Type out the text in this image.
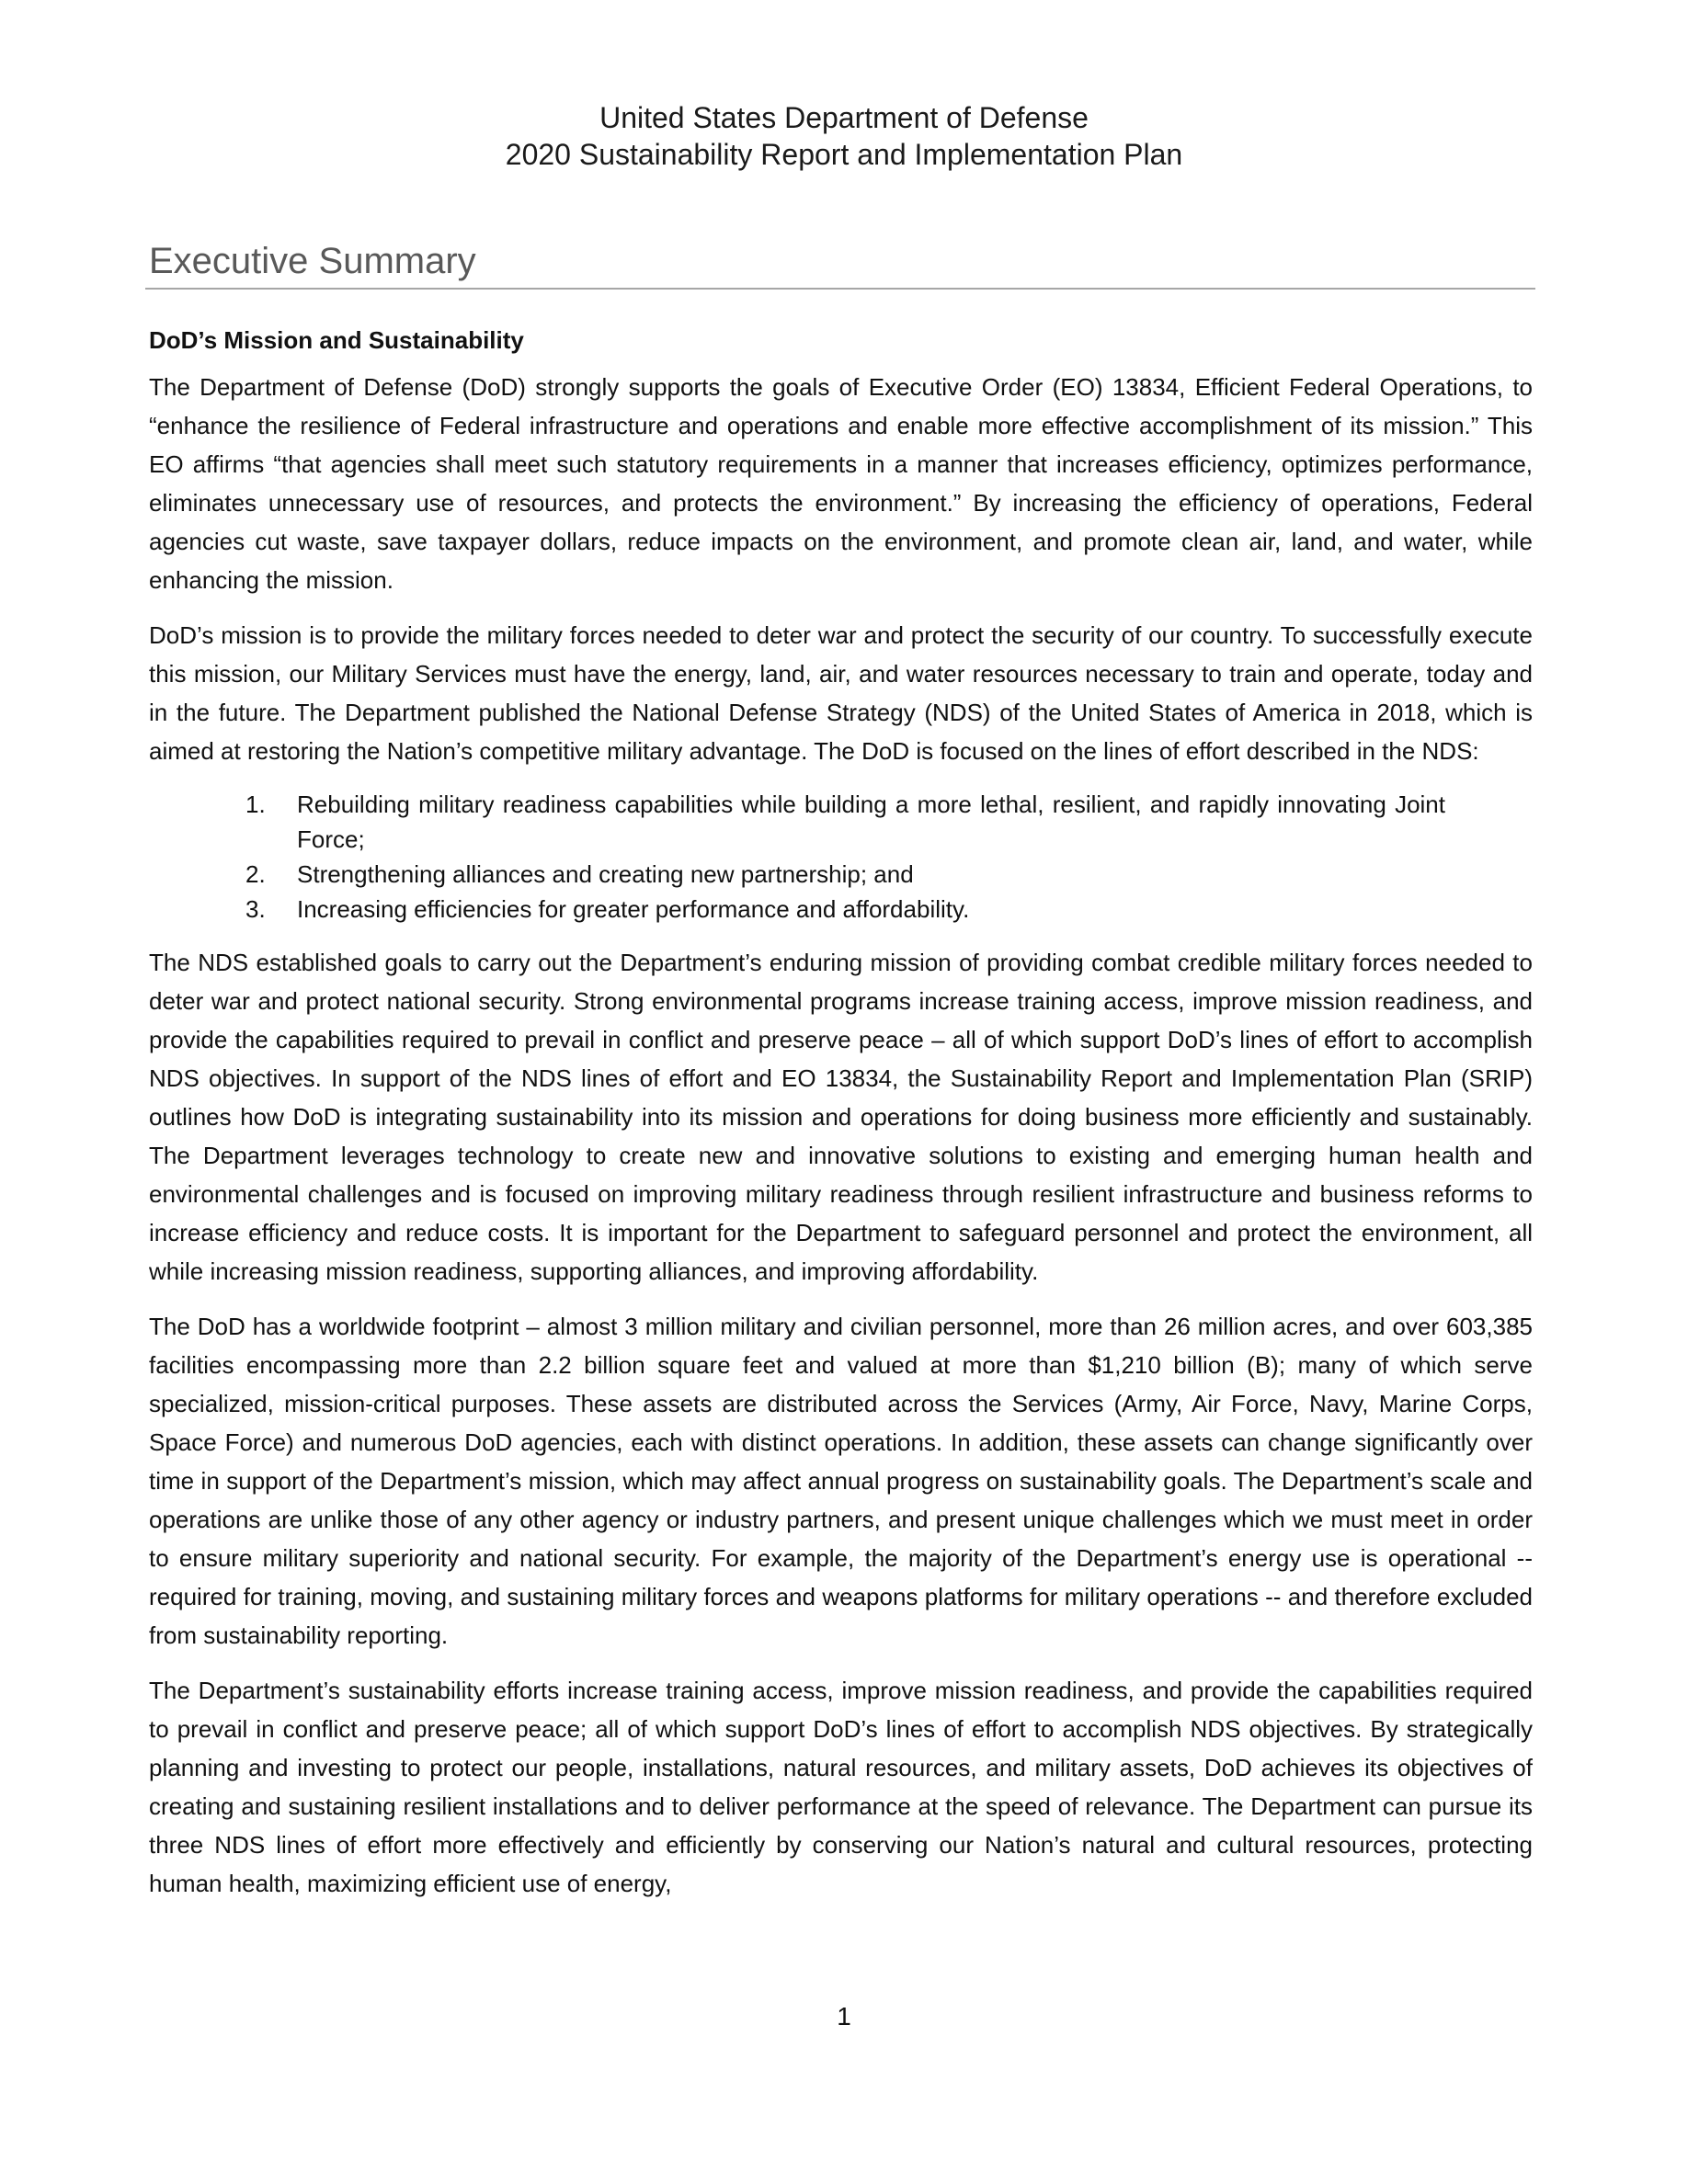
United States Department of Defense
2020 Sustainability Report and Implementation Plan
Executive Summary
DoD’s Mission and Sustainability

The Department of Defense (DoD) strongly supports the goals of Executive Order (EO) 13834, Efficient Federal Operations, to “enhance the resilience of Federal infrastructure and operations and enable more effective accomplishment of its mission.” This EO affirms “that agencies shall meet such statutory requirements in a manner that increases efficiency, optimizes performance, eliminates unnecessary use of resources, and protects the environment.” By increasing the efficiency of operations, Federal agencies cut waste, save taxpayer dollars, reduce impacts on the environment, and promote clean air, land, and water, while enhancing the mission.

DoD’s mission is to provide the military forces needed to deter war and protect the security of our country. To successfully execute this mission, our Military Services must have the energy, land, air, and water resources necessary to train and operate, today and in the future. The Department published the National Defense Strategy (NDS) of the United States of America in 2018, which is aimed at restoring the Nation’s competitive military advantage. The DoD is focused on the lines of effort described in the NDS:

1. Rebuilding military readiness capabilities while building a more lethal, resilient, and rapidly innovating Joint Force;
2. Strengthening alliances and creating new partnership; and
3. Increasing efficiencies for greater performance and affordability.

The NDS established goals to carry out the Department’s enduring mission of providing combat credible military forces needed to deter war and protect national security. Strong environmental programs increase training access, improve mission readiness, and provide the capabilities required to prevail in conflict and preserve peace – all of which support DoD’s lines of effort to accomplish NDS objectives. In support of the NDS lines of effort and EO 13834, the Sustainability Report and Implementation Plan (SRIP) outlines how DoD is integrating sustainability into its mission and operations for doing business more efficiently and sustainably. The Department leverages technology to create new and innovative solutions to existing and emerging human health and environmental challenges and is focused on improving military readiness through resilient infrastructure and business reforms to increase efficiency and reduce costs. It is important for the Department to safeguard personnel and protect the environment, all while increasing mission readiness, supporting alliances, and improving affordability.

The DoD has a worldwide footprint – almost 3 million military and civilian personnel, more than 26 million acres, and over 603,385 facilities encompassing more than 2.2 billion square feet and valued at more than $1,210 billion (B); many of which serve specialized, mission-critical purposes. These assets are distributed across the Services (Army, Air Force, Navy, Marine Corps, Space Force) and numerous DoD agencies, each with distinct operations. In addition, these assets can change significantly over time in support of the Department’s mission, which may affect annual progress on sustainability goals. The Department’s scale and operations are unlike those of any other agency or industry partners, and present unique challenges which we must meet in order to ensure military superiority and national security. For example, the majority of the Department’s energy use is operational -- required for training, moving, and sustaining military forces and weapons platforms for military operations -- and therefore excluded from sustainability reporting.

The Department’s sustainability efforts increase training access, improve mission readiness, and provide the capabilities required to prevail in conflict and preserve peace; all of which support DoD’s lines of effort to accomplish NDS objectives. By strategically planning and investing to protect our people, installations, natural resources, and military assets, DoD achieves its objectives of creating and sustaining resilient installations and to deliver performance at the speed of relevance. The Department can pursue its three NDS lines of effort more effectively and efficiently by conserving our Nation’s natural and cultural resources, protecting human health, maximizing efficient use of energy,

1
